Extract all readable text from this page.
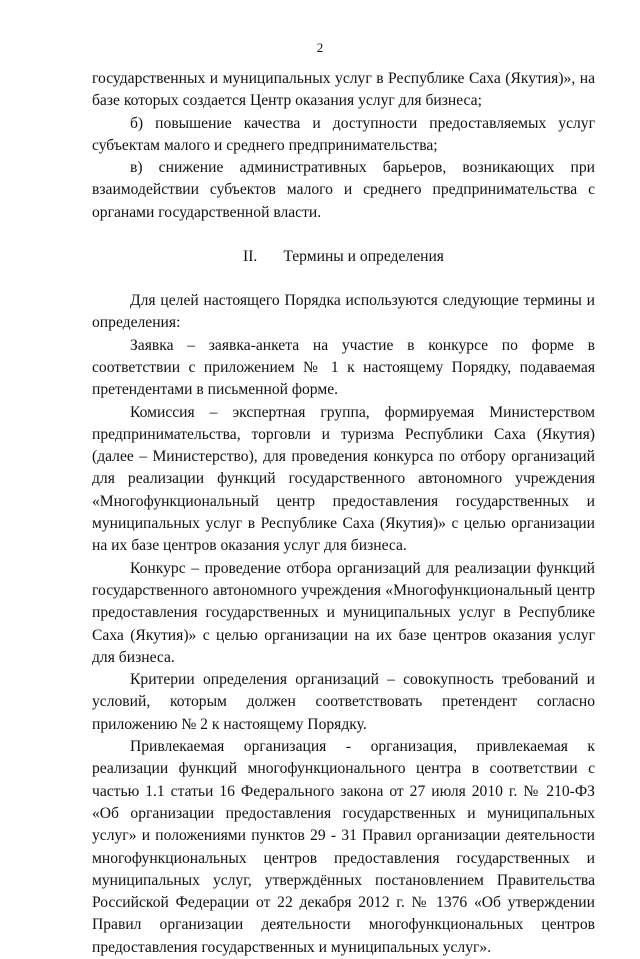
2

государственных и муниципальных услуг в Республике Саха (Якутия)», на базе которых создается Центр оказания услуг для бизнеса;

б) повышение качества и доступности предоставляемых услуг субъектам малого и среднего предпринимательства;

в) снижение административных барьеров, возникающих при взаимодействии субъектов малого и среднего предпринимательства с органами государственной власти.

II. Термины и определения

Для целей настоящего Порядка используются следующие термины и определения:

Заявка – заявка-анкета на участие в конкурсе по форме в соответствии с приложением № 1 к настоящему Порядку, подаваемая претендентами в письменной форме.

Комиссия – экспертная группа, формируемая Министерством предпринимательства, торговли и туризма Республики Саха (Якутия) (далее – Министерство), для проведения конкурса по отбору организаций для реализации функций государственного автономного учреждения «Многофункциональный центр предоставления государственных и муниципальных услуг в Республике Саха (Якутия)» с целью организации на их базе центров оказания услуг для бизнеса.

Конкурс – проведение отбора организаций для реализации функций государственного автономного учреждения «Многофункциональный центр предоставления государственных и муниципальных услуг в Республике Саха (Якутия)» с целью организации на их базе центров оказания услуг для бизнеса.

Критерии определения организаций – совокупность требований и условий, которым должен соответствовать претендент согласно приложению № 2 к настоящему Порядку.

Привлекаемая организация - организация, привлекаемая к реализации функций многофункционального центра в соответствии с частью 1.1 статьи 16 Федерального закона от 27 июля 2010 г. № 210-ФЗ «Об организации предоставления государственных и муниципальных услуг» и положениями пунктов 29 - 31 Правил организации деятельности многофункциональных центров предоставления государственных и муниципальных услуг, утверждённых постановлением Правительства Российской Федерации от 22 декабря 2012 г. № 1376 «Об утверждении Правил организации деятельности многофункциональных центров предоставления государственных и муниципальных услуг».
